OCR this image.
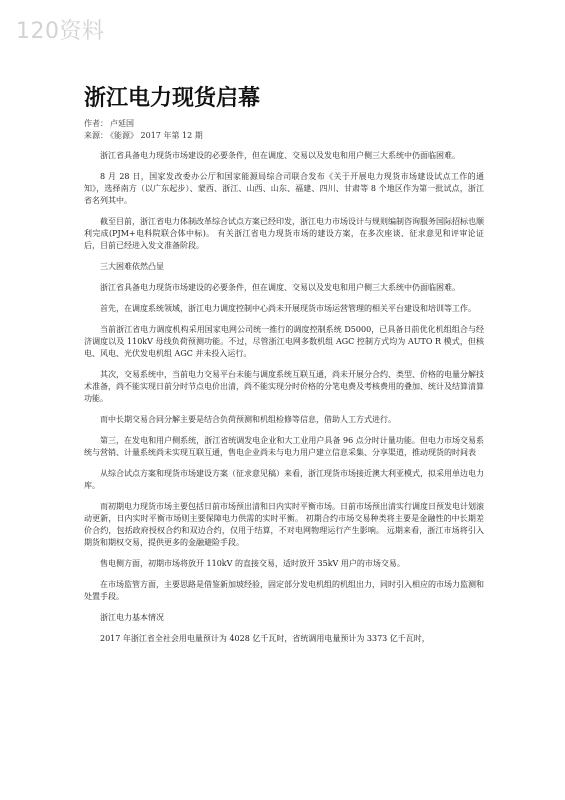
120资料
浙江电力现货启幕
作者： 卢延国
来源： 《能源》 2017 年第 12 期

浙江省具备电力现货市场建设的必要条件，但在调度、交易以及发电和用户侧三大系统中仍面临困难。

8 月 28 日，国家发改委办公厅和国家能源局综合司联合发布《关于开展电力现货市场建设试点工作的通知》，选择南方（以广东起步）、蒙西、浙江、山西、山东、福建、四川、甘肃等 8 个地区作为第一批试点，浙江省名列其中。

截至目前，浙江省电力体制改革综合试点方案已经印发，浙江电力市场设计与规则编制咨询服务国际招标也顺利完成(PJM+电科院联合体中标)。 有关浙江省电力现货市场的建设方案，在多次座谈、征求意见和评审论证后，目前已经进入发文准备阶段。

三大困难依然凸显

浙江省具备电力现货市场建设的必要条件，但在调度、交易以及发电和用户侧三大系统中仍面临困难。

首先，在调度系统领域，浙江电力调度控制中心尚未开展现货市场运营管理的相关平台建设和培训等工作。

当前浙江省电力调度机构采用国家电网公司统一推行的调度控制系统 D5000，已具备日前优化机组组合与经济调度以及 110kV 母线负荷预测功能。不过，尽管浙江电网多数机组 AGC 控制方式均为 AUTO R 模式，但核电、风电、光伏发电机组 AGC 并未投入运行。

其次，交易系统中，当前电力交易平台未能与调度系统互联互通，尚未开展分合约、类型、价格的电量分解技术准备，尚不能实现日前分时节点电价出清，尚不能实现分时价格的分笔电费及考核费用的叠加、统计及结算清算功能。

而中长期交易合同分解主要是结合负荷预测和机组检修等信息，借助人工方式进行。

第三，在发电和用户侧系统，浙江省统调发电企业和大工业用户具备 96 点分时计量功能。但电力市场交易系统与营销、计量系统尚未实现互联互通，售电企业尚未与电力用户建立信息采集、分享渠道，推动现货的时间表

从综合试点方案和现货市场建设方案（征求意见稿）来看，浙江现货市场接近澳大利亚模式，拟采用单边电力库。

而初期电力现货市场主要包括日前市场预出清和日内实时平衡市场。日前市场预出清实行调度日预发电计划滚动更新，日内实时平衡市场则主要保障电力供需的实时平衡。 初期合约市场交易种类将主要是金融性的中长期差价合约，包括政府授权合约和双边合约，仅用于结算，不对电网物理运行产生影响。 远期来看，浙江市场将引入期货和期权交易，提供更多的金融避险手段。

售电侧方面，初期市场将放开 110kV 的直接交易，适时放开 35kV 用户的市场交易。

在市场监管方面，主要思路是借鉴新加坡经验，固定部分发电机组的机组出力，同时引入相应的市场力监测和处置手段。

浙江电力基本情况

2017 年浙江省全社会用电量预计为 4028 亿千瓦时，省统调用电量预计为 3373 亿千瓦时，
